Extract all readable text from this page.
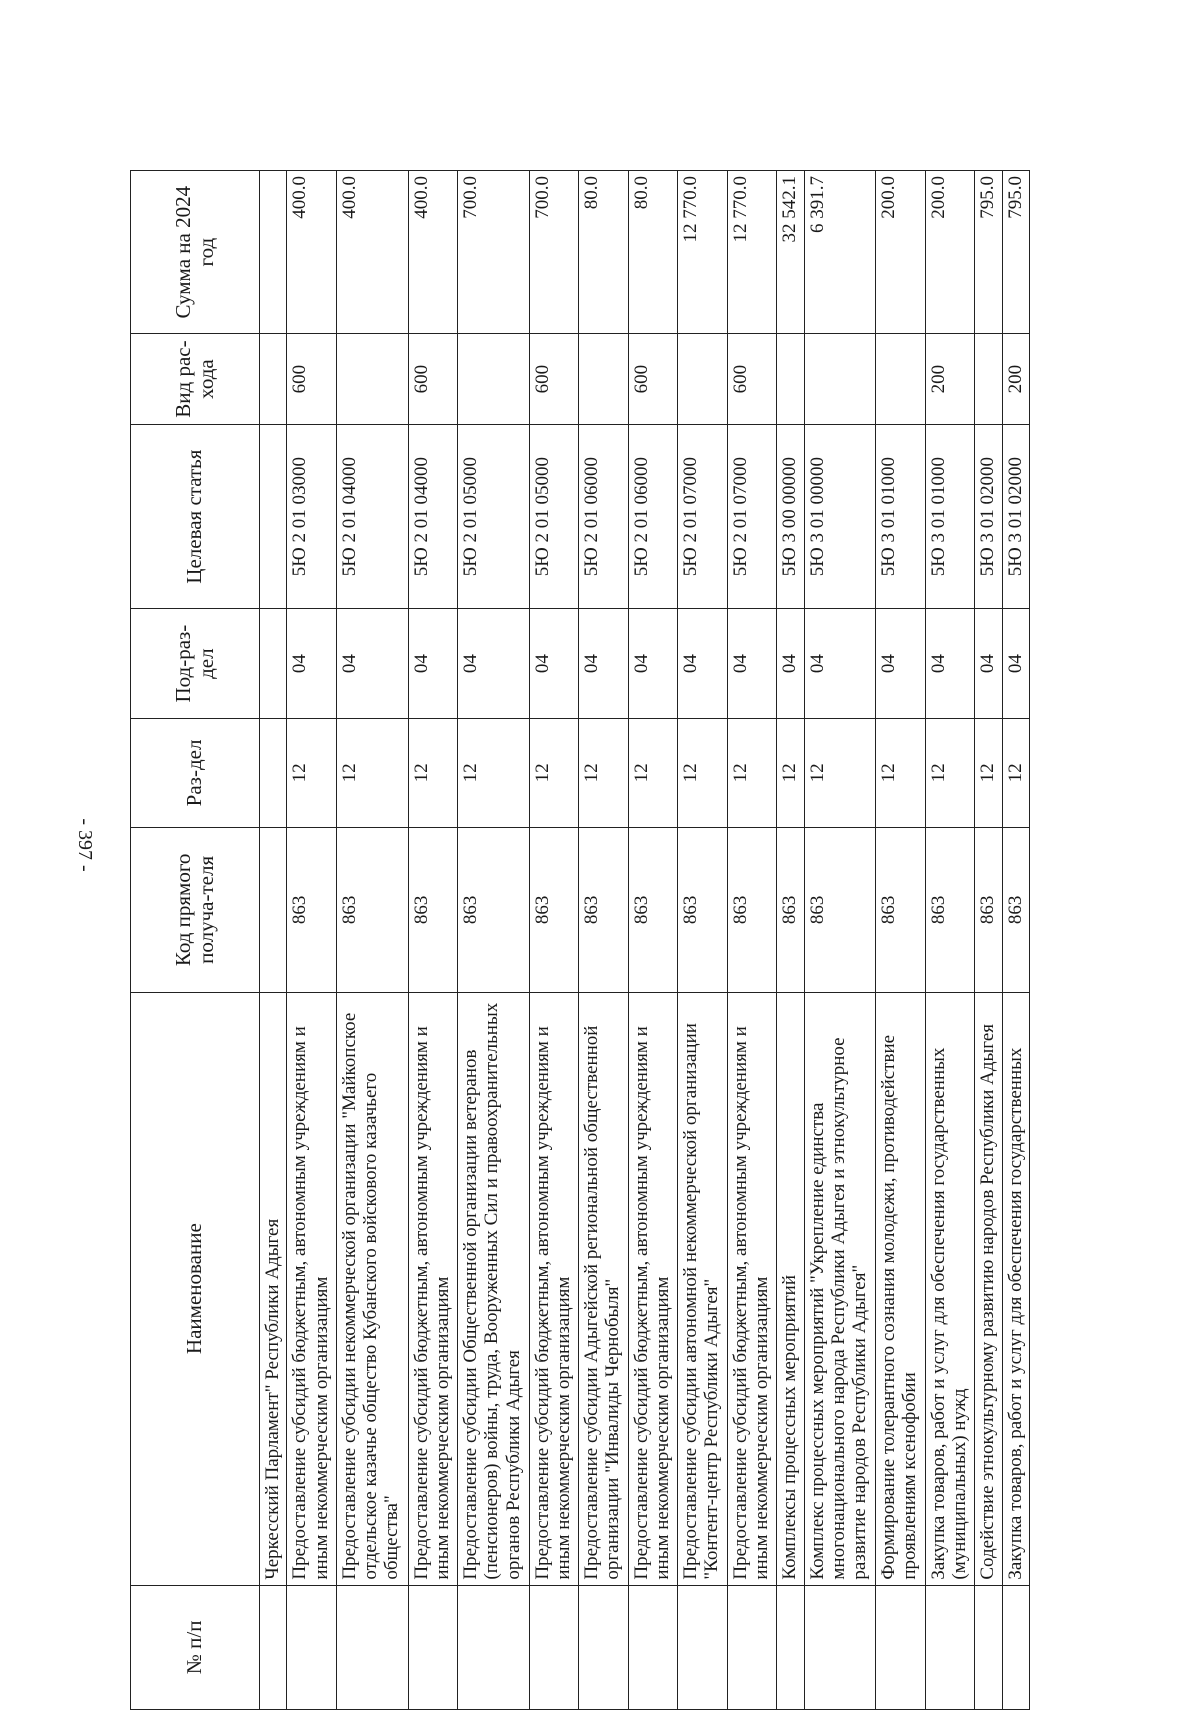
- 397 -
№ п/п	Наименование	Код прямого получа-теля	Раз-дел	Под-раз-дел	Целевая статья	Вид рас-хода	Сумма на 2024 год
	Черкесский Парламент" Республики Адыгея						
	Предоставление субсидий бюджетным, автономным учреждениям и иным некоммерческим организациям	863	12	04	5Ю 2 01 03000	600	400.0
	Предоставление субсидии некоммерческой организации "Майкопское отдельское казачье общество Кубанского войскового казачьего общества"	863	12	04	5Ю 2 01 04000		400.0
	Предоставление субсидий бюджетным, автономным учреждениям и иным некоммерческим организациям	863	12	04	5Ю 2 01 04000	600	400.0
	Предоставление субсидии Общественной организации ветеранов (пенсионеров) войны, труда, Вооруженных Сил и правоохранительных органов Республики Адыгея	863	12	04	5Ю 2 01 05000		700.0
	Предоставление субсидий бюджетным, автономным учреждениям и иным некоммерческим организациям	863	12	04	5Ю 2 01 05000	600	700.0
	Предоставление субсидии Адыгейской региональной общественной организации "Инвалиды Чернобыля"	863	12	04	5Ю 2 01 06000		80.0
	Предоставление субсидий бюджетным, автономным учреждениям и иным некоммерческим организациям	863	12	04	5Ю 2 01 06000	600	80.0
	Предоставление субсидии автономной некоммерческой организации "Контент-центр Республики Адыгея"	863	12	04	5Ю 2 01 07000		12 770.0
	Предоставление субсидий бюджетным, автономным учреждениям и иным некоммерческим организациям	863	12	04	5Ю 2 01 07000	600	12 770.0
	Комплексы процессных мероприятий	863	12	04	5Ю 3 00 00000		32 542.1
	Комплекс процессных мероприятий "Укрепление единства многонационального народа Республики Адыгея и этнокультурное развитие народов Республики Адыгея"	863	12	04	5Ю 3 01 00000		6 391.7
	Формирование толерантного сознания молодежи, противодействие проявлениям ксенофобии	863	12	04	5Ю 3 01 01000		200.0
	Закупка товаров, работ и услуг для обеспечения государственных (муниципальных) нужд	863	12	04	5Ю 3 01 01000	200	200.0
	Содействие этнокультурному развитию народов Республики Адыгея	863	12	04	5Ю 3 01 02000		795.0
	Закупка товаров, работ и услуг для обеспечения государственных	863	12	04	5Ю 3 01 02000	200	795.0
